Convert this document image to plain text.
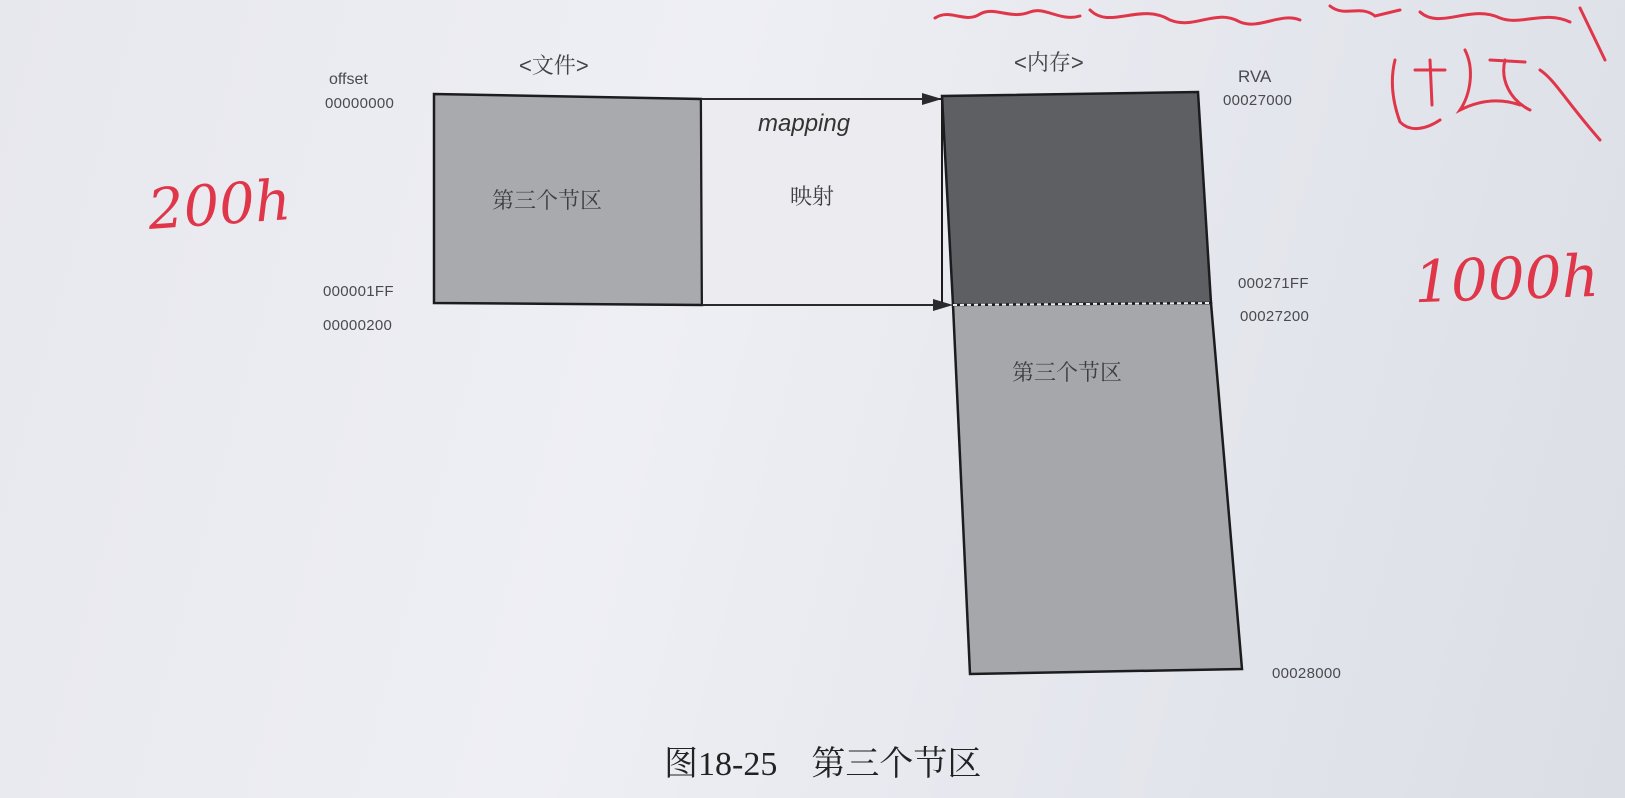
<文件>
offset
00000000
000001FF
00000200
第三个节区
mapping
映射
<内存>
RVA
00027000
000271FF
00027200
00028000
第三个节区
200h
1000h
图18-25 第三个节区
